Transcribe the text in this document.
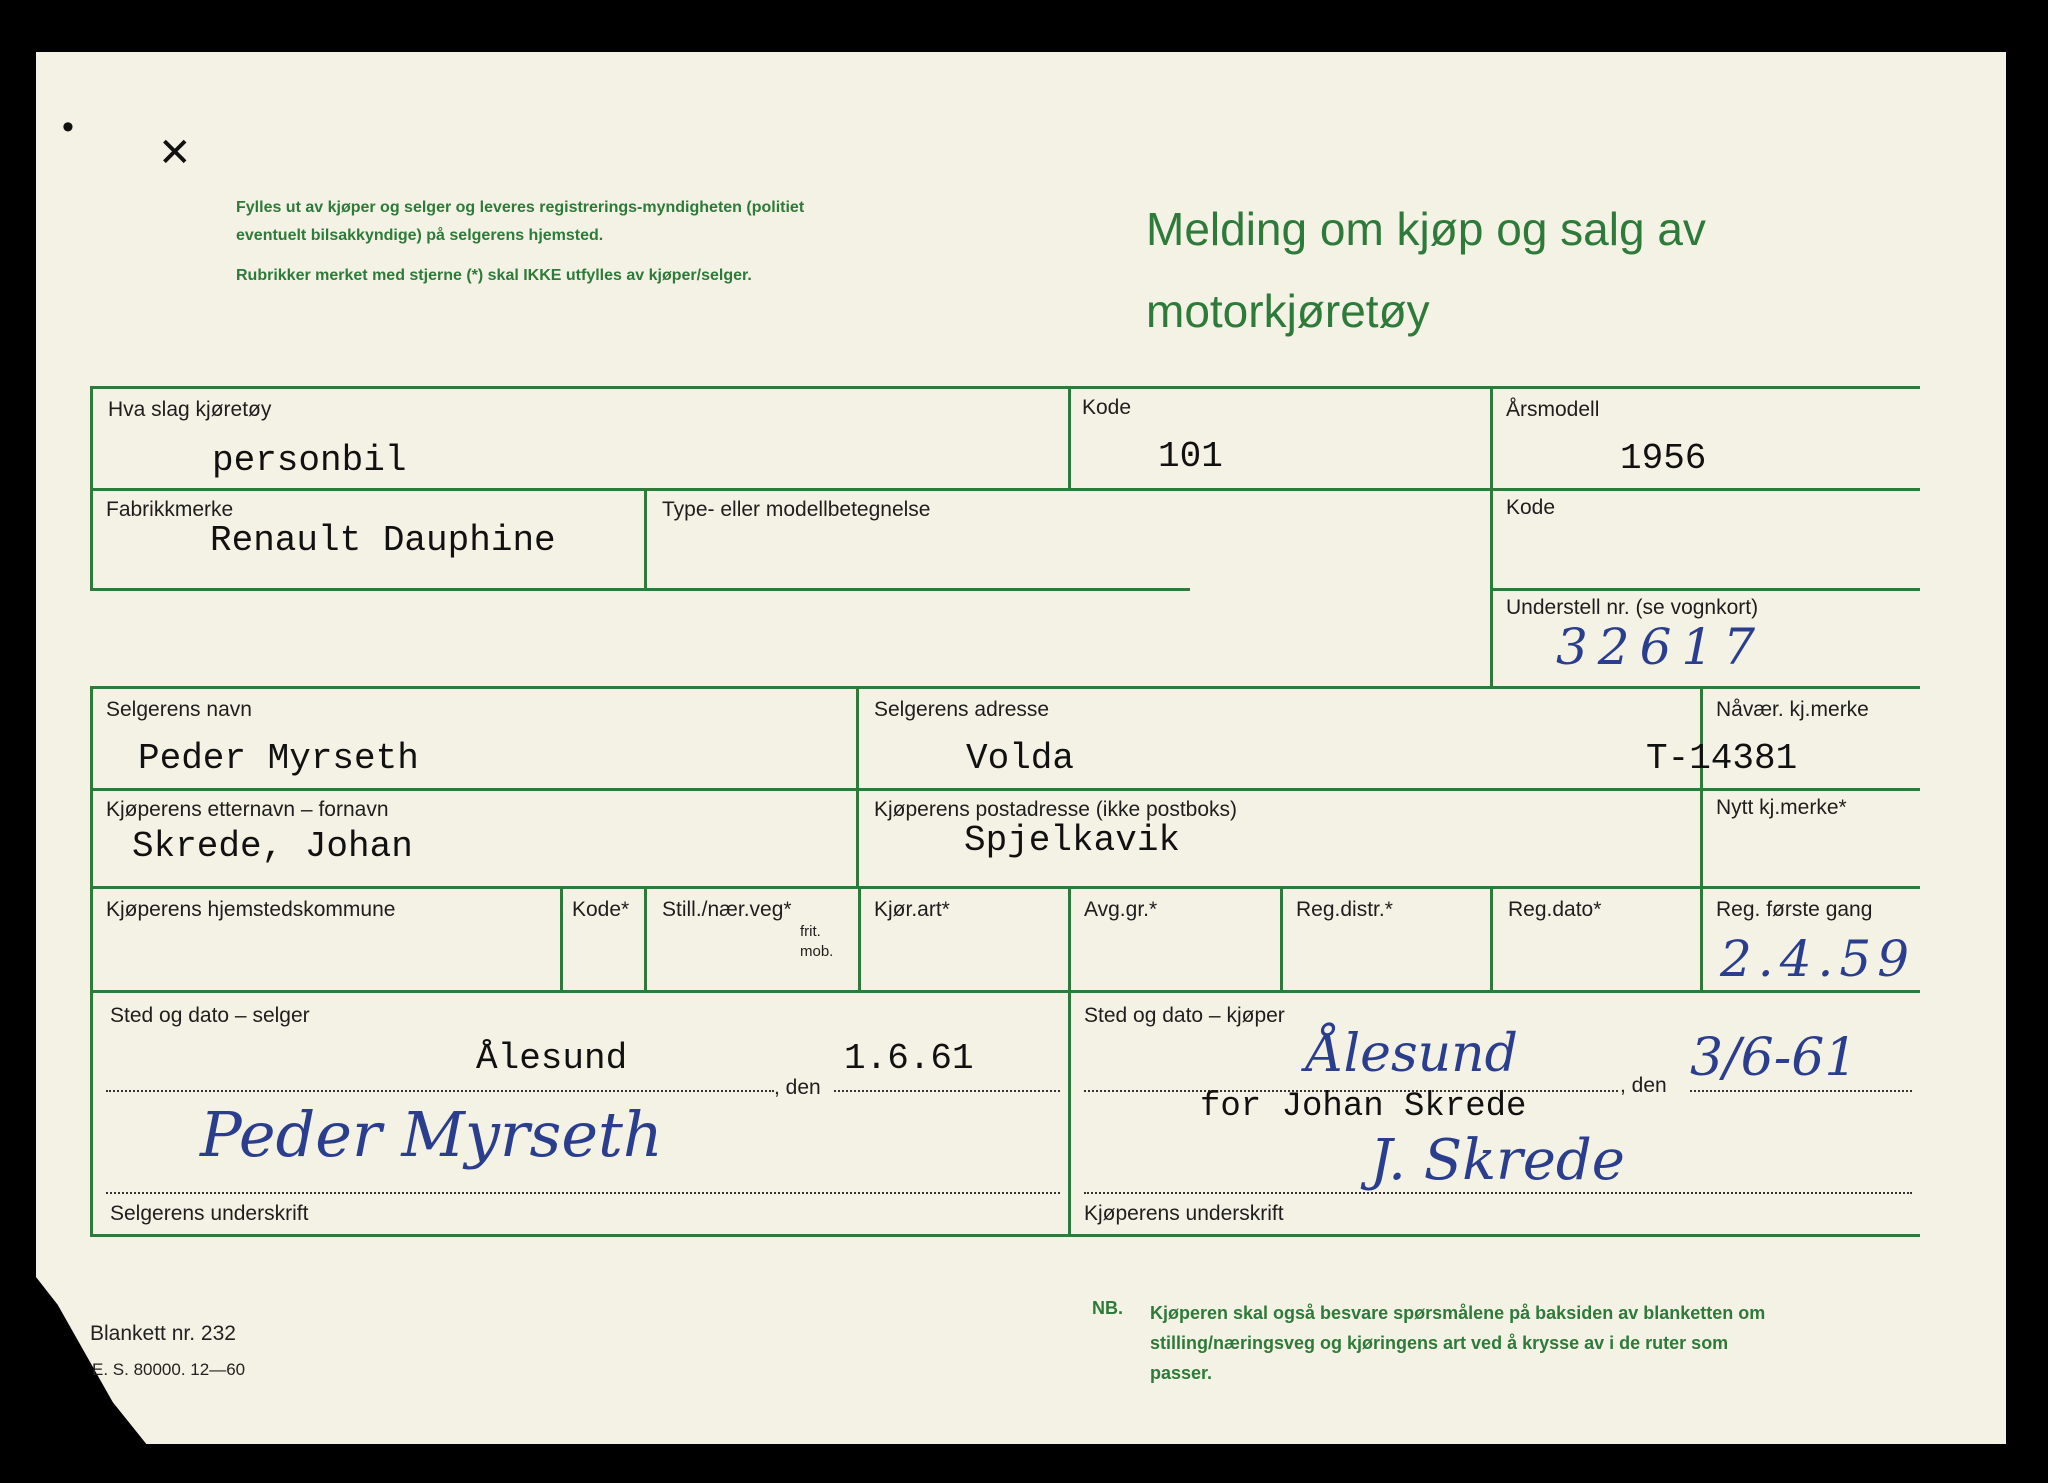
•
✕

Fylles ut av kjøper og selger og leveres registrerings-myndigheten (politiet eventuelt bilsakkyndige) på selgerens hjemsted.

Rubrikker merket med stjerne (*) skal IKKE utfylles av kjøper/selger.

Melding om kjøp og salg av
motorkjøretøy
Hva slag kjøretøy
personbil
Kode
101
Årsmodell
1956
Fabrikkmerke
Renault Dauphine
Type- eller modellbetegnelse	Kode
Understell nr. (se vognkort)
32617
Selgerens navn
Peder Myrseth
Selgerens adresse
Volda
Nåvær. kj.merke
T-14381
Kjøperens etternavn – fornavn
Skrede, Johan
Kjøperens postadresse (ikke postboks)
Spjelkavik
Nytt kj.merke*
Kjøperens hjemstedskommune	Kode* Still./nær.veg*
frit. mob.
Kjør.art*	Avg.gr.*	Reg.distr.*	Reg.dato*	Reg. første gang
2.4.59
Sted og dato – selger
Ålesund
, den
1.6.61
Peder Myrseth
Selgerens underskrift
Sted og dato – kjøper
Ålesund
, den 3/6-61
for Johan Skrede
J. Skrede
Kjøperens underskrift
Blankett nr. 232
E. S. 80000. 12—60
NB. Kjøperen skal også besvare spørsmålene på baksiden av blanketten om stilling/næringsveg og kjøringens art ved å krysse av i de ruter som passer.
